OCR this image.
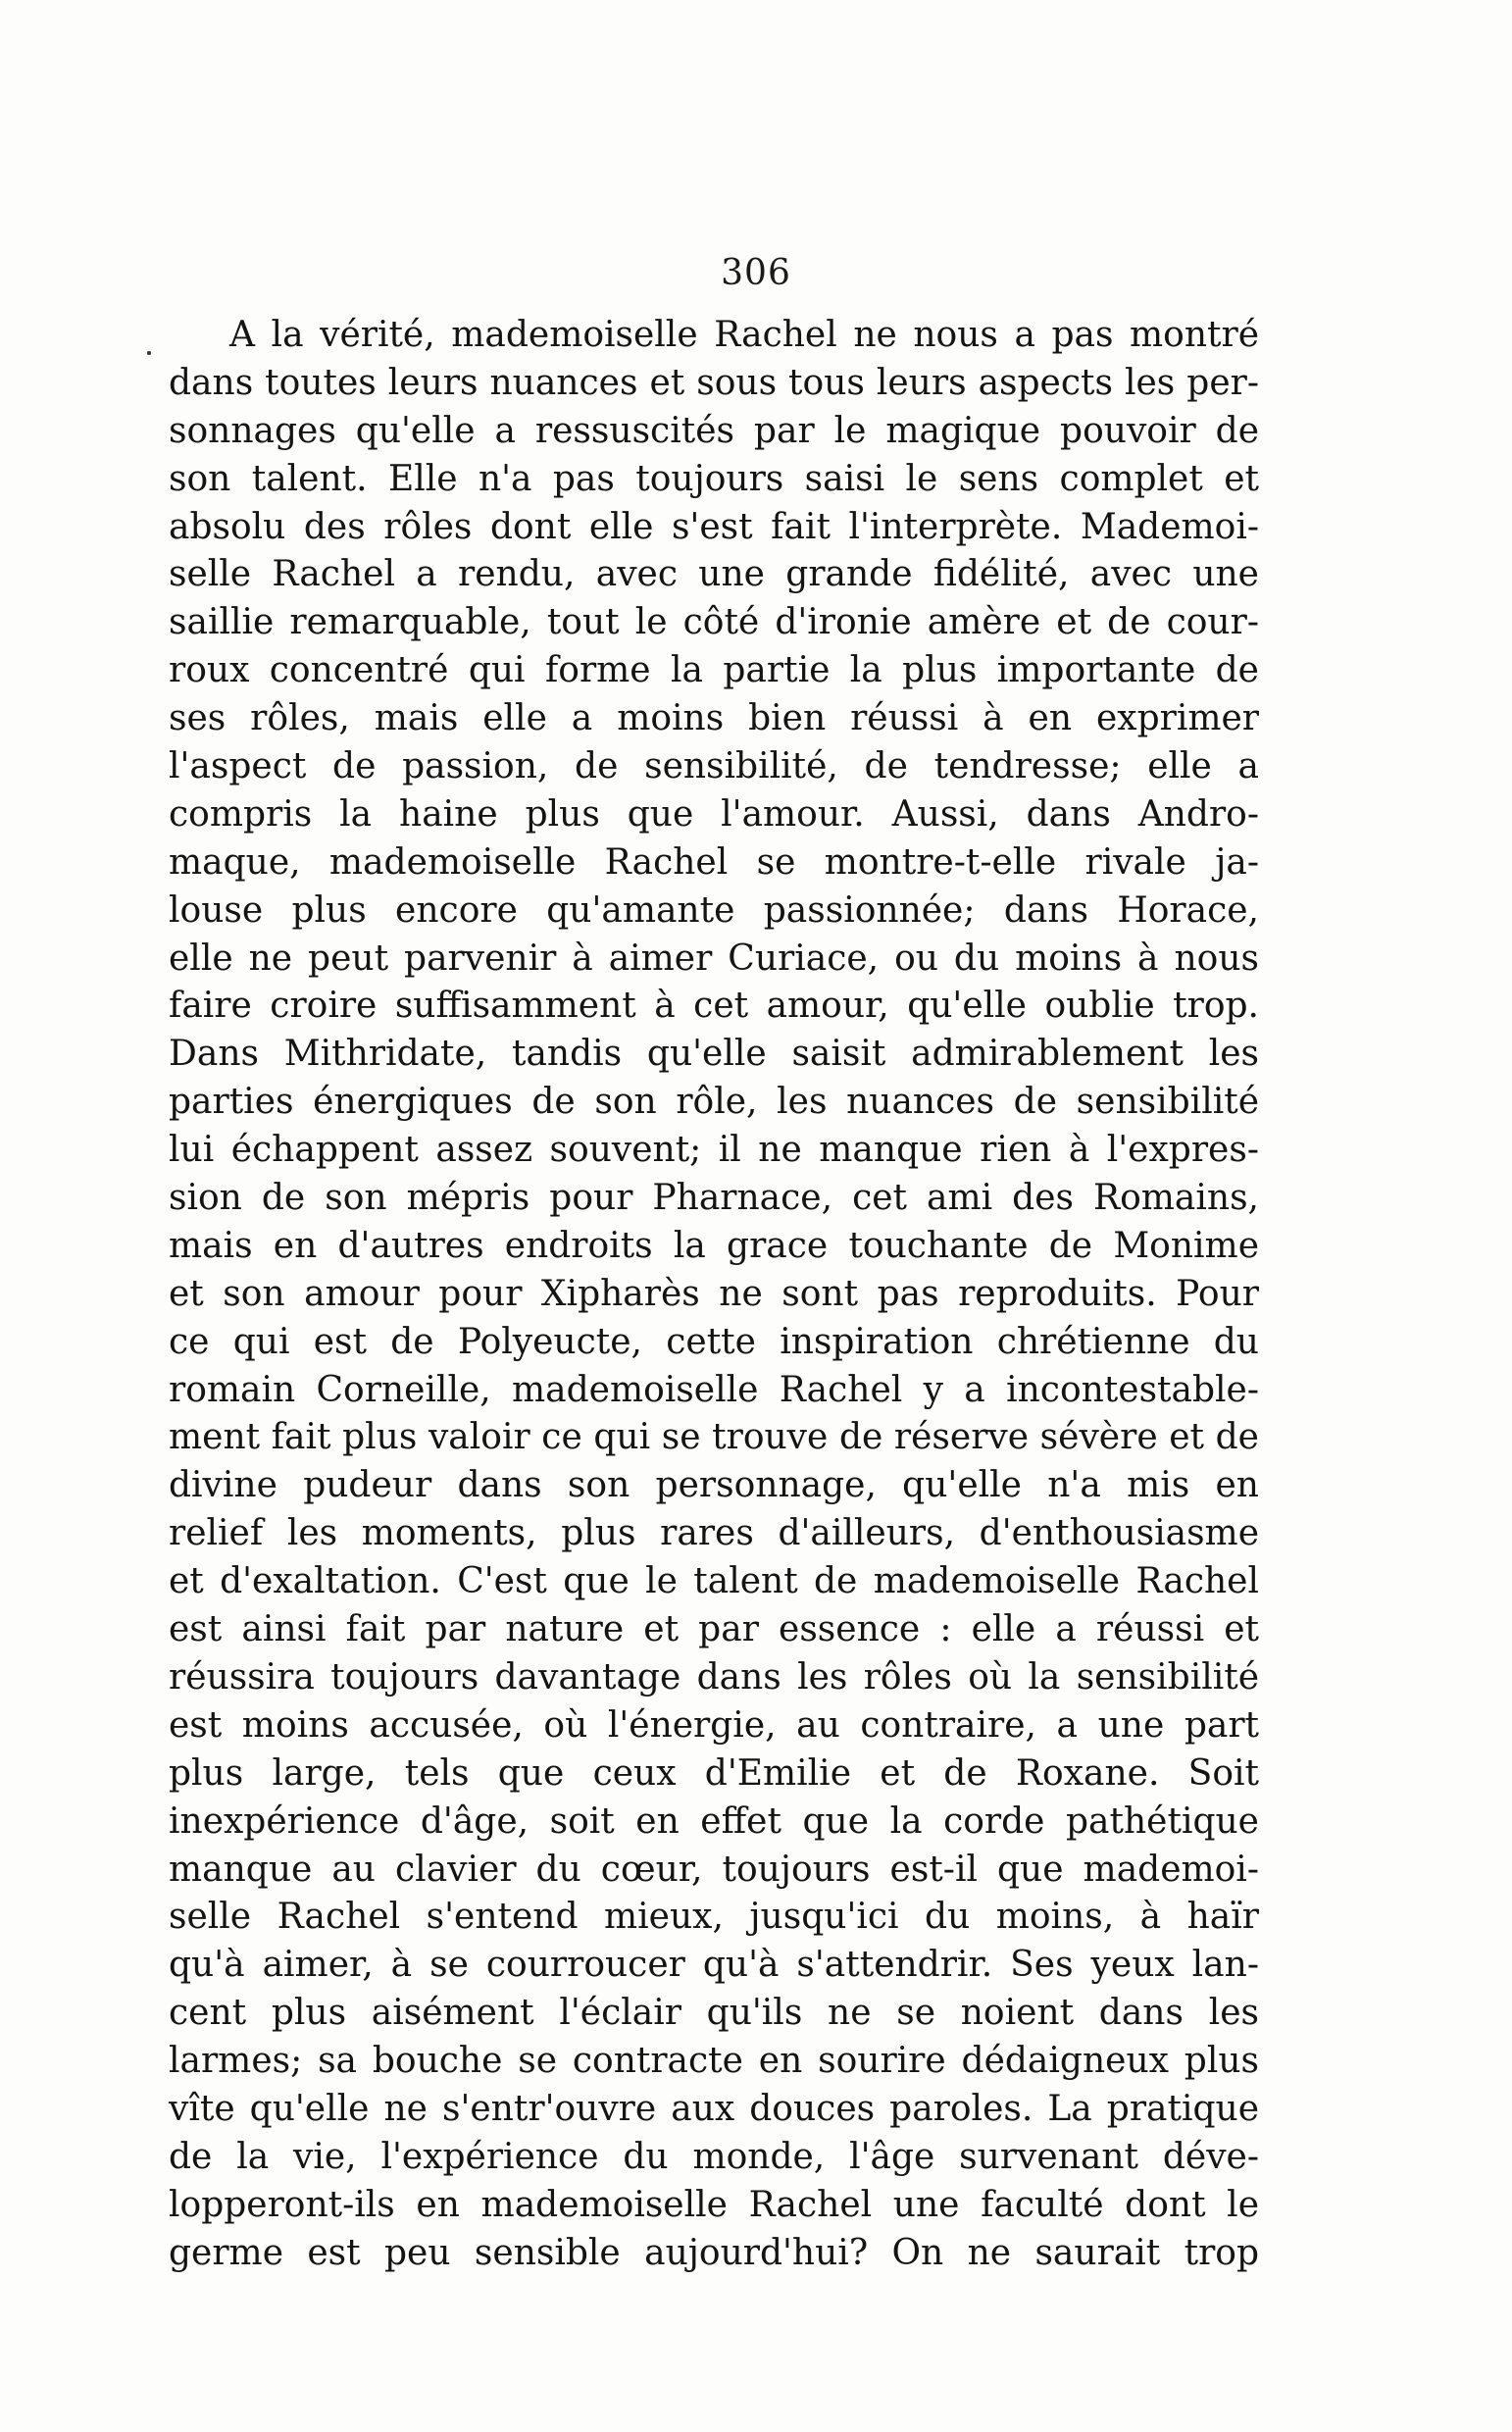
306
A la vérité, mademoiselle Rachel ne nous a pas montré
dans toutes leurs nuances et sous tous leurs aspects les per-
sonnages qu'elle a ressuscités par le magique pouvoir de
son talent. Elle n'a pas toujours saisi le sens complet et
absolu des rôles dont elle s'est fait l'interprète. Mademoi-
selle Rachel a rendu, avec une grande fidélité, avec une
saillie remarquable, tout le côté d'ironie amère et de cour-
roux concentré qui forme la partie la plus importante de
ses rôles, mais elle a moins bien réussi à en exprimer
l'aspect de passion, de sensibilité, de tendresse; elle a
compris la haine plus que l'amour. Aussi, dans Andro-
maque, mademoiselle Rachel se montre-t-elle rivale ja-
louse plus encore qu'amante passionnée; dans Horace,
elle ne peut parvenir à aimer Curiace, ou du moins à nous
faire croire suffisamment à cet amour, qu'elle oublie trop.
Dans Mithridate, tandis qu'elle saisit admirablement les
parties énergiques de son rôle, les nuances de sensibilité
lui échappent assez souvent; il ne manque rien à l'expres-
sion de son mépris pour Pharnace, cet ami des Romains,
mais en d'autres endroits la grace touchante de Monime
et son amour pour Xipharès ne sont pas reproduits. Pour
ce qui est de Polyeucte, cette inspiration chrétienne du
romain Corneille, mademoiselle Rachel y a incontestable-
ment fait plus valoir ce qui se trouve de réserve sévère et de
divine pudeur dans son personnage, qu'elle n'a mis en
relief les moments, plus rares d'ailleurs, d'enthousiasme
et d'exaltation. C'est que le talent de mademoiselle Rachel
est ainsi fait par nature et par essence : elle a réussi et
réussira toujours davantage dans les rôles où la sensibilité
est moins accusée, où l'énergie, au contraire, a une part
plus large, tels que ceux d'Emilie et de Roxane. Soit
inexpérience d'âge, soit en effet que la corde pathétique
manque au clavier du cœur, toujours est-il que mademoi-
selle Rachel s'entend mieux, jusqu'ici du moins, à haïr
qu'à aimer, à se courroucer qu'à s'attendrir. Ses yeux lan-
cent plus aisément l'éclair qu'ils ne se noient dans les
larmes; sa bouche se contracte en sourire dédaigneux plus
vîte qu'elle ne s'entr'ouvre aux douces paroles. La pratique
de la vie, l'expérience du monde, l'âge survenant déve-
lopperont-ils en mademoiselle Rachel une faculté dont le
germe est peu sensible aujourd'hui? On ne saurait trop
